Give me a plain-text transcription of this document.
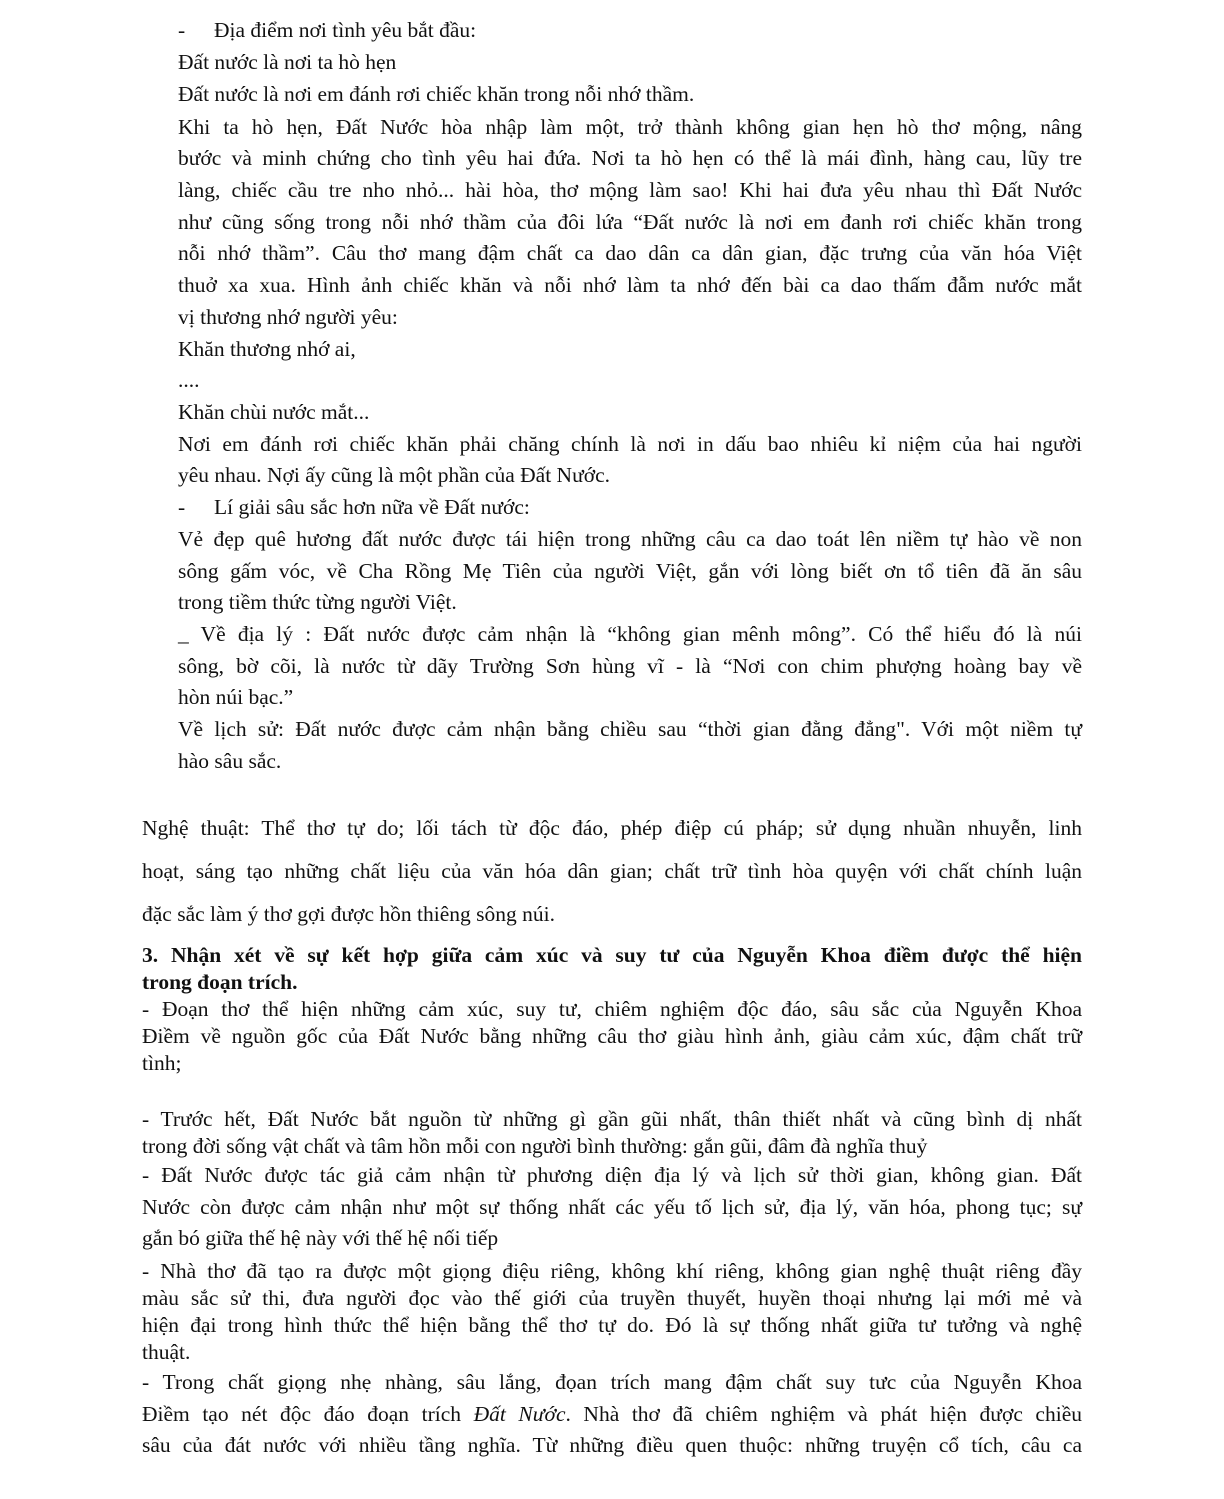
- Địa điểm nơi tình yêu bắt đầu:
Đất nước là nơi ta hò hẹn
Đất nước là nơi em đánh rơi chiếc khăn trong nỗi nhớ thầm.
Khi ta hò hẹn, Đất Nước hòa nhập làm một, trở thành không gian hẹn hò thơ mộng, nâng
bước và minh chứng cho tình yêu hai đứa. Nơi ta hò hẹn có thể là mái đình, hàng cau, lũy tre
làng, chiếc cầu tre nho nhỏ... hài hòa, thơ mộng làm sao! Khi hai đưa yêu nhau thì Đất Nước
như cũng sống trong nỗi nhớ thầm của đôi lứa “Đất nước là nơi em đanh rơi chiếc khăn trong
nỗi nhớ thầm”. Câu thơ mang đậm chất ca dao dân ca dân gian, đặc trưng của văn hóa Việt
thuở xa xua. Hình ảnh chiếc khăn và nỗi nhớ làm ta nhớ đến bài ca dao thấm đẫm nước mắt
vị thương nhớ người yêu:
Khăn thương nhớ ai,
....
Khăn chùi nước mắt...
Nơi em đánh rơi chiếc khăn phải chăng chính là nơi in dấu bao nhiêu kỉ niệm của hai người
yêu nhau. Nợi ấy cũng là một phần của Đất Nước.
- Lí giải sâu sắc hơn nữa về Đất nước:
Vẻ đẹp quê hương đất nước được tái hiện trong những câu ca dao toát lên niềm tự hào về non
sông gấm vóc, về Cha Rồng Mẹ Tiên của người Việt, gắn với lòng biết ơn tổ tiên đã ăn sâu
trong tiềm thức từng người Việt.
_ Về địa lý : Đất nước được cảm nhận là “không gian mênh mông”. Có thể hiểu đó là núi
sông, bờ cõi, là nước từ dãy Trường Sơn hùng vĩ - là “Nơi con chim phượng hoàng bay về
hòn núi bạc.”
Về lịch sử: Đất nước được cảm nhận bằng chiều sau “thời gian đằng đẳng". Với một niềm tự
hào sâu sắc.
Nghệ thuật: Thể thơ tự do; lối tách từ độc đáo, phép điệp cú pháp; sử dụng nhuần nhuyễn, linh
hoạt, sáng tạo những chất liệu của văn hóa dân gian; chất trữ tình hòa quyện với chất chính luận
đặc sắc làm ý thơ gợi được hồn thiêng sông núi.
3. Nhận xét về sự kết hợp giữa cảm xúc và suy tư của Nguyễn Khoa điềm được thể hiện
trong đoạn trích.
- Đoạn thơ thể hiện những cảm xúc, suy tư, chiêm nghiệm độc đáo, sâu sắc của Nguyễn Khoa
Điềm về nguồn gốc của Đất Nước bằng những câu thơ giàu hình ảnh, giàu cảm xúc, đậm chất trữ
tình;
- Trước hết, Đất Nước bắt nguồn từ những gì gần gũi nhất, thân thiết nhất và cũng bình dị nhất
trong đời sống vật chất và tâm hồn mỗi con người bình thường: gắn gũi, đâm đà nghĩa thuỷ
- Đất Nước được tác giả cảm nhận từ phương diện địa lý và lịch sử thời gian, không gian. Đất
Nước còn được cảm nhận như một sự thống nhất các yếu tố lịch sử, địa lý, văn hóa, phong tục; sự
gắn bó giữa thế hệ này với thế hệ nối tiếp
- Nhà thơ đã tạo ra được một giọng điệu riêng, không khí riêng, không gian nghệ thuật riêng đầy
màu sắc sử thi, đưa người đọc vào thế giới của truyền thuyết, huyền thoại nhưng lại mới mẻ và
hiện đại trong hình thức thể hiện bằng thể thơ tự do. Đó là sự thống nhất giữa tư tưởng và nghệ
thuật.
- Trong chất giọng nhẹ nhàng, sâu lắng, đọan trích mang đậm chất suy tưc của Nguyễn Khoa
Điềm tạo nét độc đáo đoạn trích Đất Nước. Nhà thơ đã chiêm nghiệm và phát hiện được chiều
sâu của đát nước với nhiều tầng nghĩa. Từ những điều quen thuộc: những truyện cổ tích, câu ca
